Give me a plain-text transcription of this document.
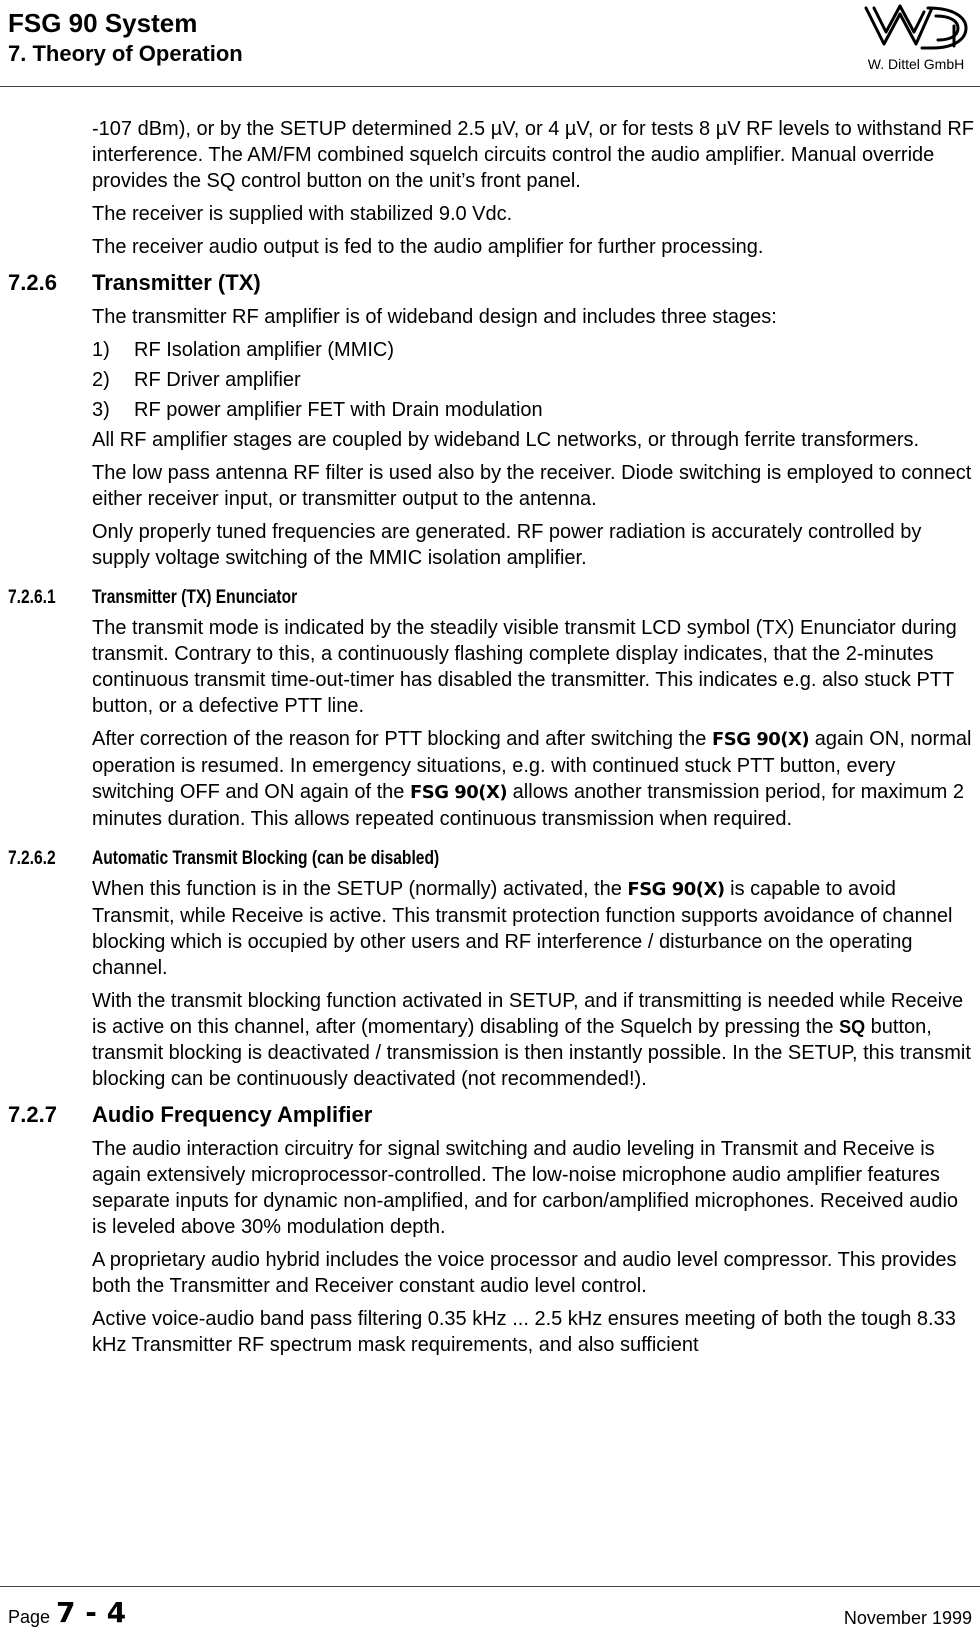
FSG 90 System
7. Theory of Operation	W. Dittel GmbH

-107 dBm), or by the SETUP determined 2.5 µV, or 4 µV, or for tests 8 µV RF levels to withstand RF interference. The AM/FM combined squelch circuits control the audio amplifier. Manual override provides the SQ control button on the unit’s front panel.

The receiver is supplied with stabilized 9.0 Vdc.

The receiver audio output is fed to the audio amplifier for further processing.

7.2.6 Transmitter (TX)

The transmitter RF amplifier is of wideband design and includes three stages:

1) RF Isolation amplifier (MMIC)
2) RF Driver amplifier
3) RF power amplifier FET with Drain modulation

All RF amplifier stages are coupled by wideband LC networks, or through ferrite transformers.

The low pass antenna RF filter is used also by the receiver. Diode switching is employed to connect either receiver input, or transmitter output to the antenna.

Only properly tuned frequencies are generated. RF power radiation is accurately controlled by supply voltage switching of the MMIC isolation amplifier.

7.2.6.1 Transmitter (TX) Enunciator

The transmit mode is indicated by the steadily visible transmit LCD symbol (TX) Enunciator during transmit. Contrary to this, a continuously flashing complete display indicates, that the 2-minutes continuous transmit time-out-timer has disabled the transmitter. This indicates e.g. also stuck PTT button, or a defective PTT line.

After correction of the reason for PTT blocking and after switching the FSG 90(X) again ON, normal operation is resumed. In emergency situations, e.g. with continued stuck PTT button, every switching OFF and ON again of the FSG 90(X) allows another transmission period, for maximum 2 minutes duration. This allows repeated continuous transmission when required.

7.2.6.2 Automatic Transmit Blocking (can be disabled)

When this function is in the SETUP (normally) activated, the FSG 90(X) is capable to avoid Transmit, while Receive is active. This transmit protection function supports avoidance of channel blocking which is occupied by other users and RF interference / disturbance on the operating channel.

With the transmit blocking function activated in SETUP, and if transmitting is needed while Receive is active on this channel, after (momentary) disabling of the Squelch by pressing the SQ button, transmit blocking is deactivated / transmission is then instantly possible. In the SETUP, this transmit blocking can be continuously deactivated (not recommended!).

7.2.7 Audio Frequency Amplifier

The audio interaction circuitry for signal switching and audio leveling in Transmit and Receive is again extensively microprocessor-controlled. The low-noise microphone audio amplifier features separate inputs for dynamic non-amplified, and for carbon/amplified microphones. Received audio is leveled above 30% modulation depth.

A proprietary audio hybrid includes the voice processor and audio level compressor. This provides both the Transmitter and Receiver constant audio level control.

Active voice-audio band pass filtering 0.35 kHz ... 2.5 kHz ensures meeting of both the tough 8.33 kHz Transmitter RF spectrum mask requirements, and also sufficient

Page 7 - 4	November 1999
